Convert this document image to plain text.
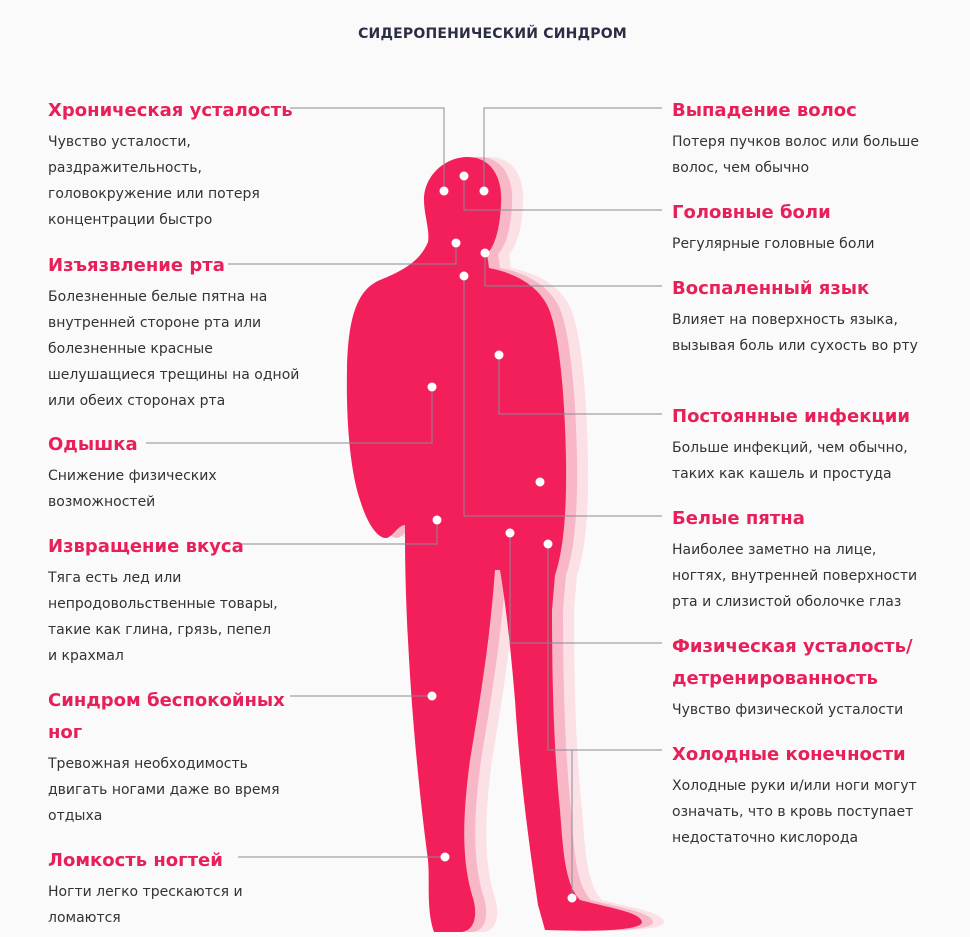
СИДЕРОПЕНИЧЕСКИЙ СИНДРОМ
Хроническая усталость

Чувство усталости, раздражительность, головокружение или потеря концентрации быстро

Изъязвление рта

Болезненные белые пятна на внутренней стороне рта или болезненные красные шелушащиеся трещины на одной или обеих сторонах рта

Одышка

Снижение физических возможностей

Извращение вкуса

Тяга есть лед или непродовольственные товары, такие как глина, грязь, пепел и крахмал

Синдром беспокойных ног

Тревожная необходимость двигать ногами даже во время отдыха

Ломкость ногтей

Ногти легко трескаются и ломаются

Выпадение волос

Потеря пучков волос или больше волос, чем обычно

Головные боли

Регулярные головные боли

Воспаленный язык

Влияет на поверхность языка, вызывая боль или сухость во рту

Постоянные инфекции

Больше инфекций, чем обычно, таких как кашель и простуда

Белые пятна

Наиболее заметно на лице, ногтях, внутренней поверхности рта и слизистой оболочке глаз

Физическая усталость/ детренированность

Чувство физической усталости

Холодные конечности

Холодные руки и/или ноги могут означать, что в кровь поступает недостаточно кислорода
